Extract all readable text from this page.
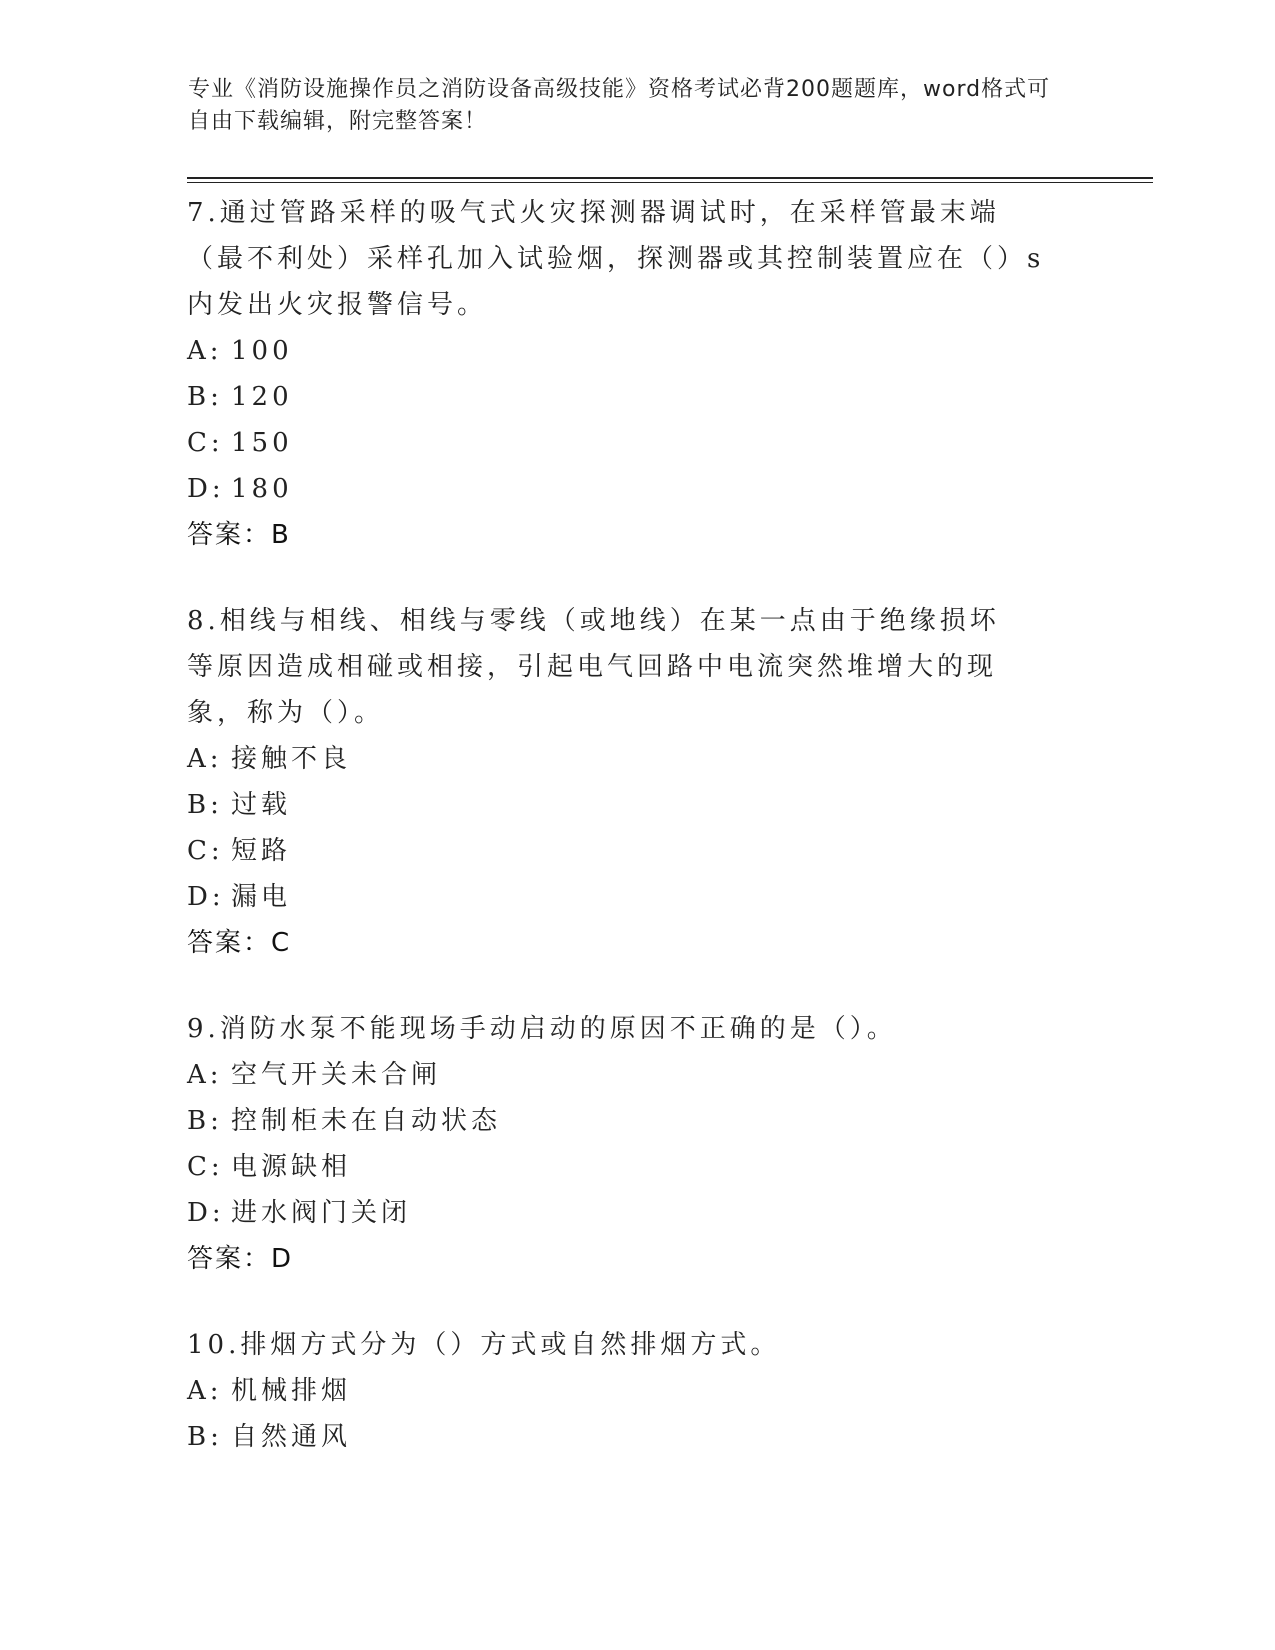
专业《消防设施操作员之消防设备高级技能》资格考试必背200题题库，word格式可自由下载编辑，附完整答案！

7.通过管路采样的吸气式火灾探测器调试时，在采样管最末端（最不利处）采样孔加入试验烟，探测器或其控制装置应在（）s内发出火灾报警信号。

A: 100

B: 120

C: 150

D: 180

答案：B

8.相线与相线、相线与零线（或地线）在某一点由于绝缘损坏等原因造成相碰或相接，引起电气回路中电流突然堆增大的现象，称为（）。

A: 接触不良

B: 过载

C: 短路

D: 漏电

答案：C

9.消防水泵不能现场手动启动的原因不正确的是（）。

A: 空气开关未合闸

B: 控制柜未在自动状态

C: 电源缺相

D: 进水阀门关闭

答案：D

10.排烟方式分为（）方式或自然排烟方式。

A: 机械排烟

B: 自然通风
